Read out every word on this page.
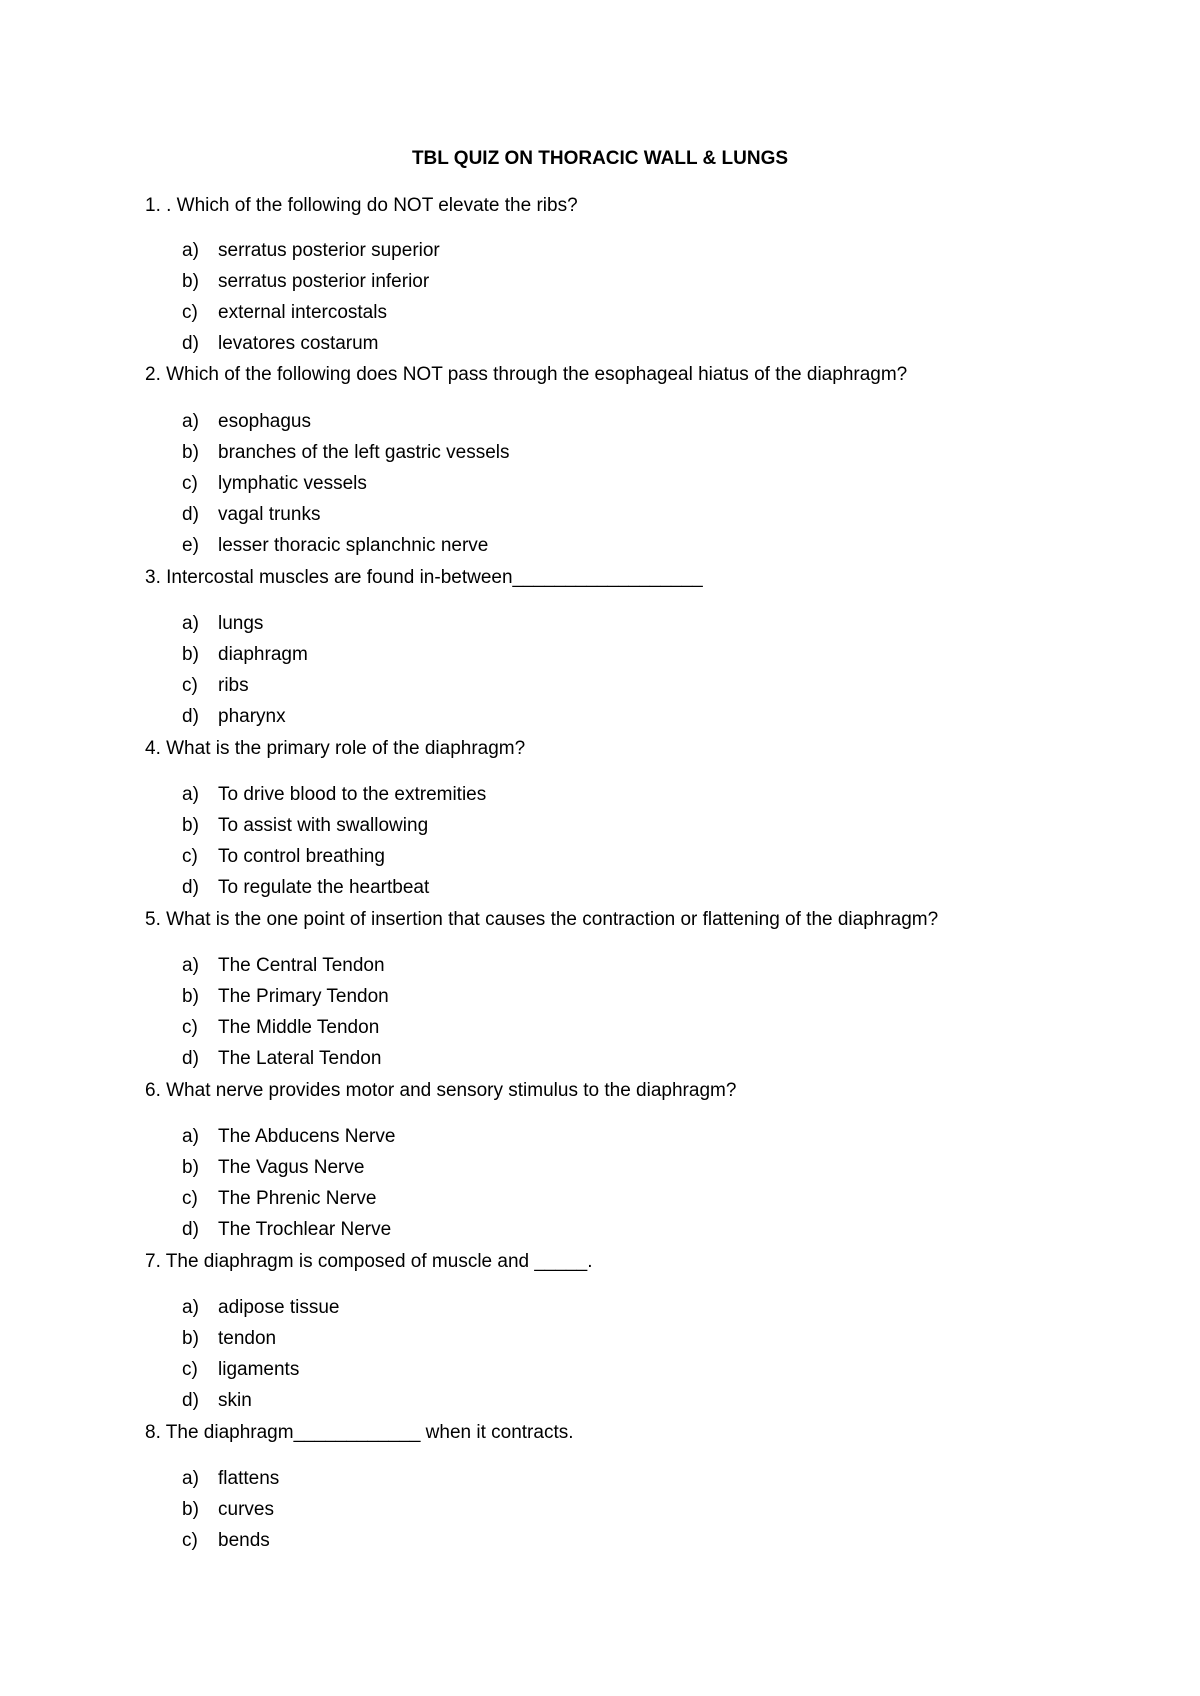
TBL QUIZ ON THORACIC WALL & LUNGS
1. . Which of the following do NOT elevate the ribs?
a) serratus posterior superior
b) serratus posterior inferior
c) external intercostals
d) levatores costarum
2. Which of the following does NOT pass through the esophageal hiatus of the diaphragm?
a) esophagus
b) branches of the left gastric vessels
c) lymphatic vessels
d) vagal trunks
e) lesser thoracic splanchnic nerve
3. Intercostal muscles are found in-between__________________
a) lungs
b) diaphragm
c) ribs
d) pharynx
4. What is the primary role of the diaphragm?
a) To drive blood to the extremities
b) To assist with swallowing
c) To control breathing
d) To regulate the heartbeat
5. What is the one point of insertion that causes the contraction or flattening of the diaphragm?
a) The Central Tendon
b) The Primary Tendon
c) The Middle Tendon
d) The Lateral Tendon
6. What nerve provides motor and sensory stimulus to the diaphragm?
a) The Abducens Nerve
b) The Vagus Nerve
c) The Phrenic Nerve
d) The Trochlear Nerve
7. The diaphragm is composed of muscle and _____.
a) adipose tissue
b) tendon
c) ligaments
d) skin
8. The diaphragm____________ when it contracts.
a) flattens
b) curves
c) bends
